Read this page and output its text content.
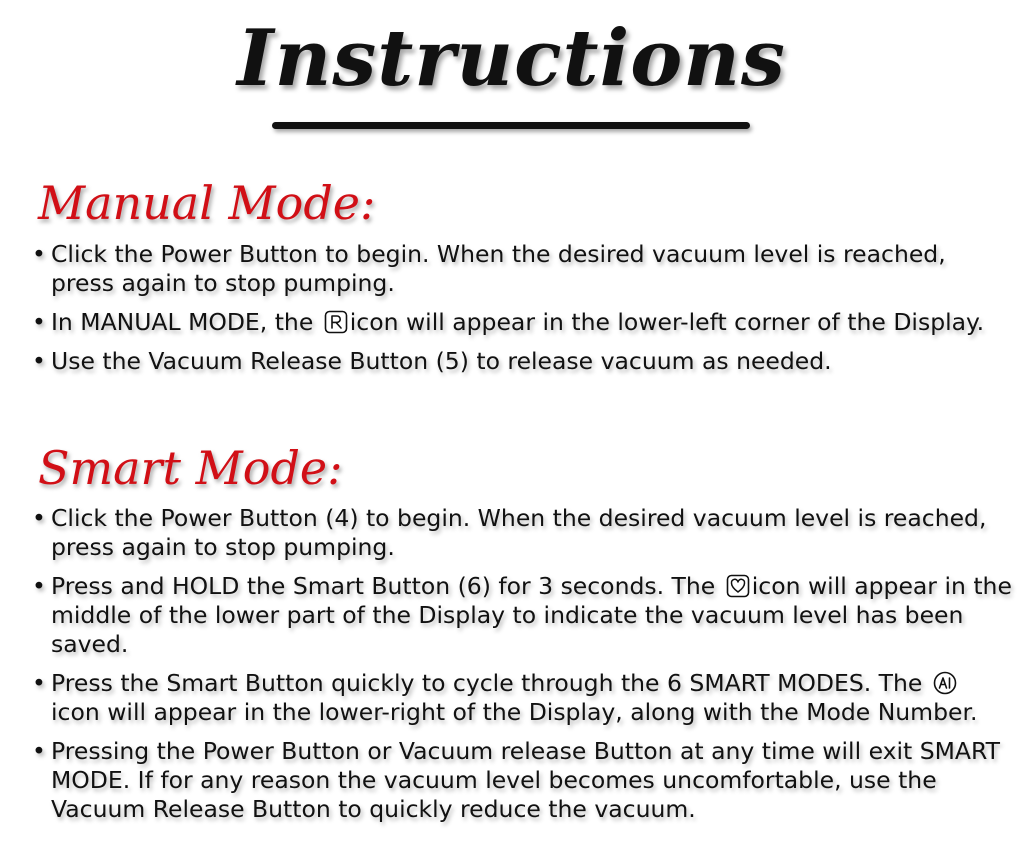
Instructions
Manual Mode:
• Click the Power Button to begin. When the desired vacuum level is reached, press again to stop pumping.
• In MANUAL MODE, the icon will appear in the lower-left corner of the Display.
• Use the Vacuum Release Button (5) to release vacuum as needed.
Smart Mode:
• Click the Power Button (4) to begin. When the desired vacuum level is reached, press again to stop pumping.
• Press and HOLD the Smart Button (6) for 3 seconds. The icon will appear in the middle of the lower part of the Display to indicate the vacuum level has been saved.
• Press the Smart Button quickly to cycle through the 6 SMART MODES. The  icon will appear in the lower-right of the Display, along with the Mode Number.
• Pressing the Power Button or Vacuum release Button at any time will exit SMART MODE. If for any reason the vacuum level becomes uncomfortable, use the Vacuum Release Button to quickly reduce the vacuum.
